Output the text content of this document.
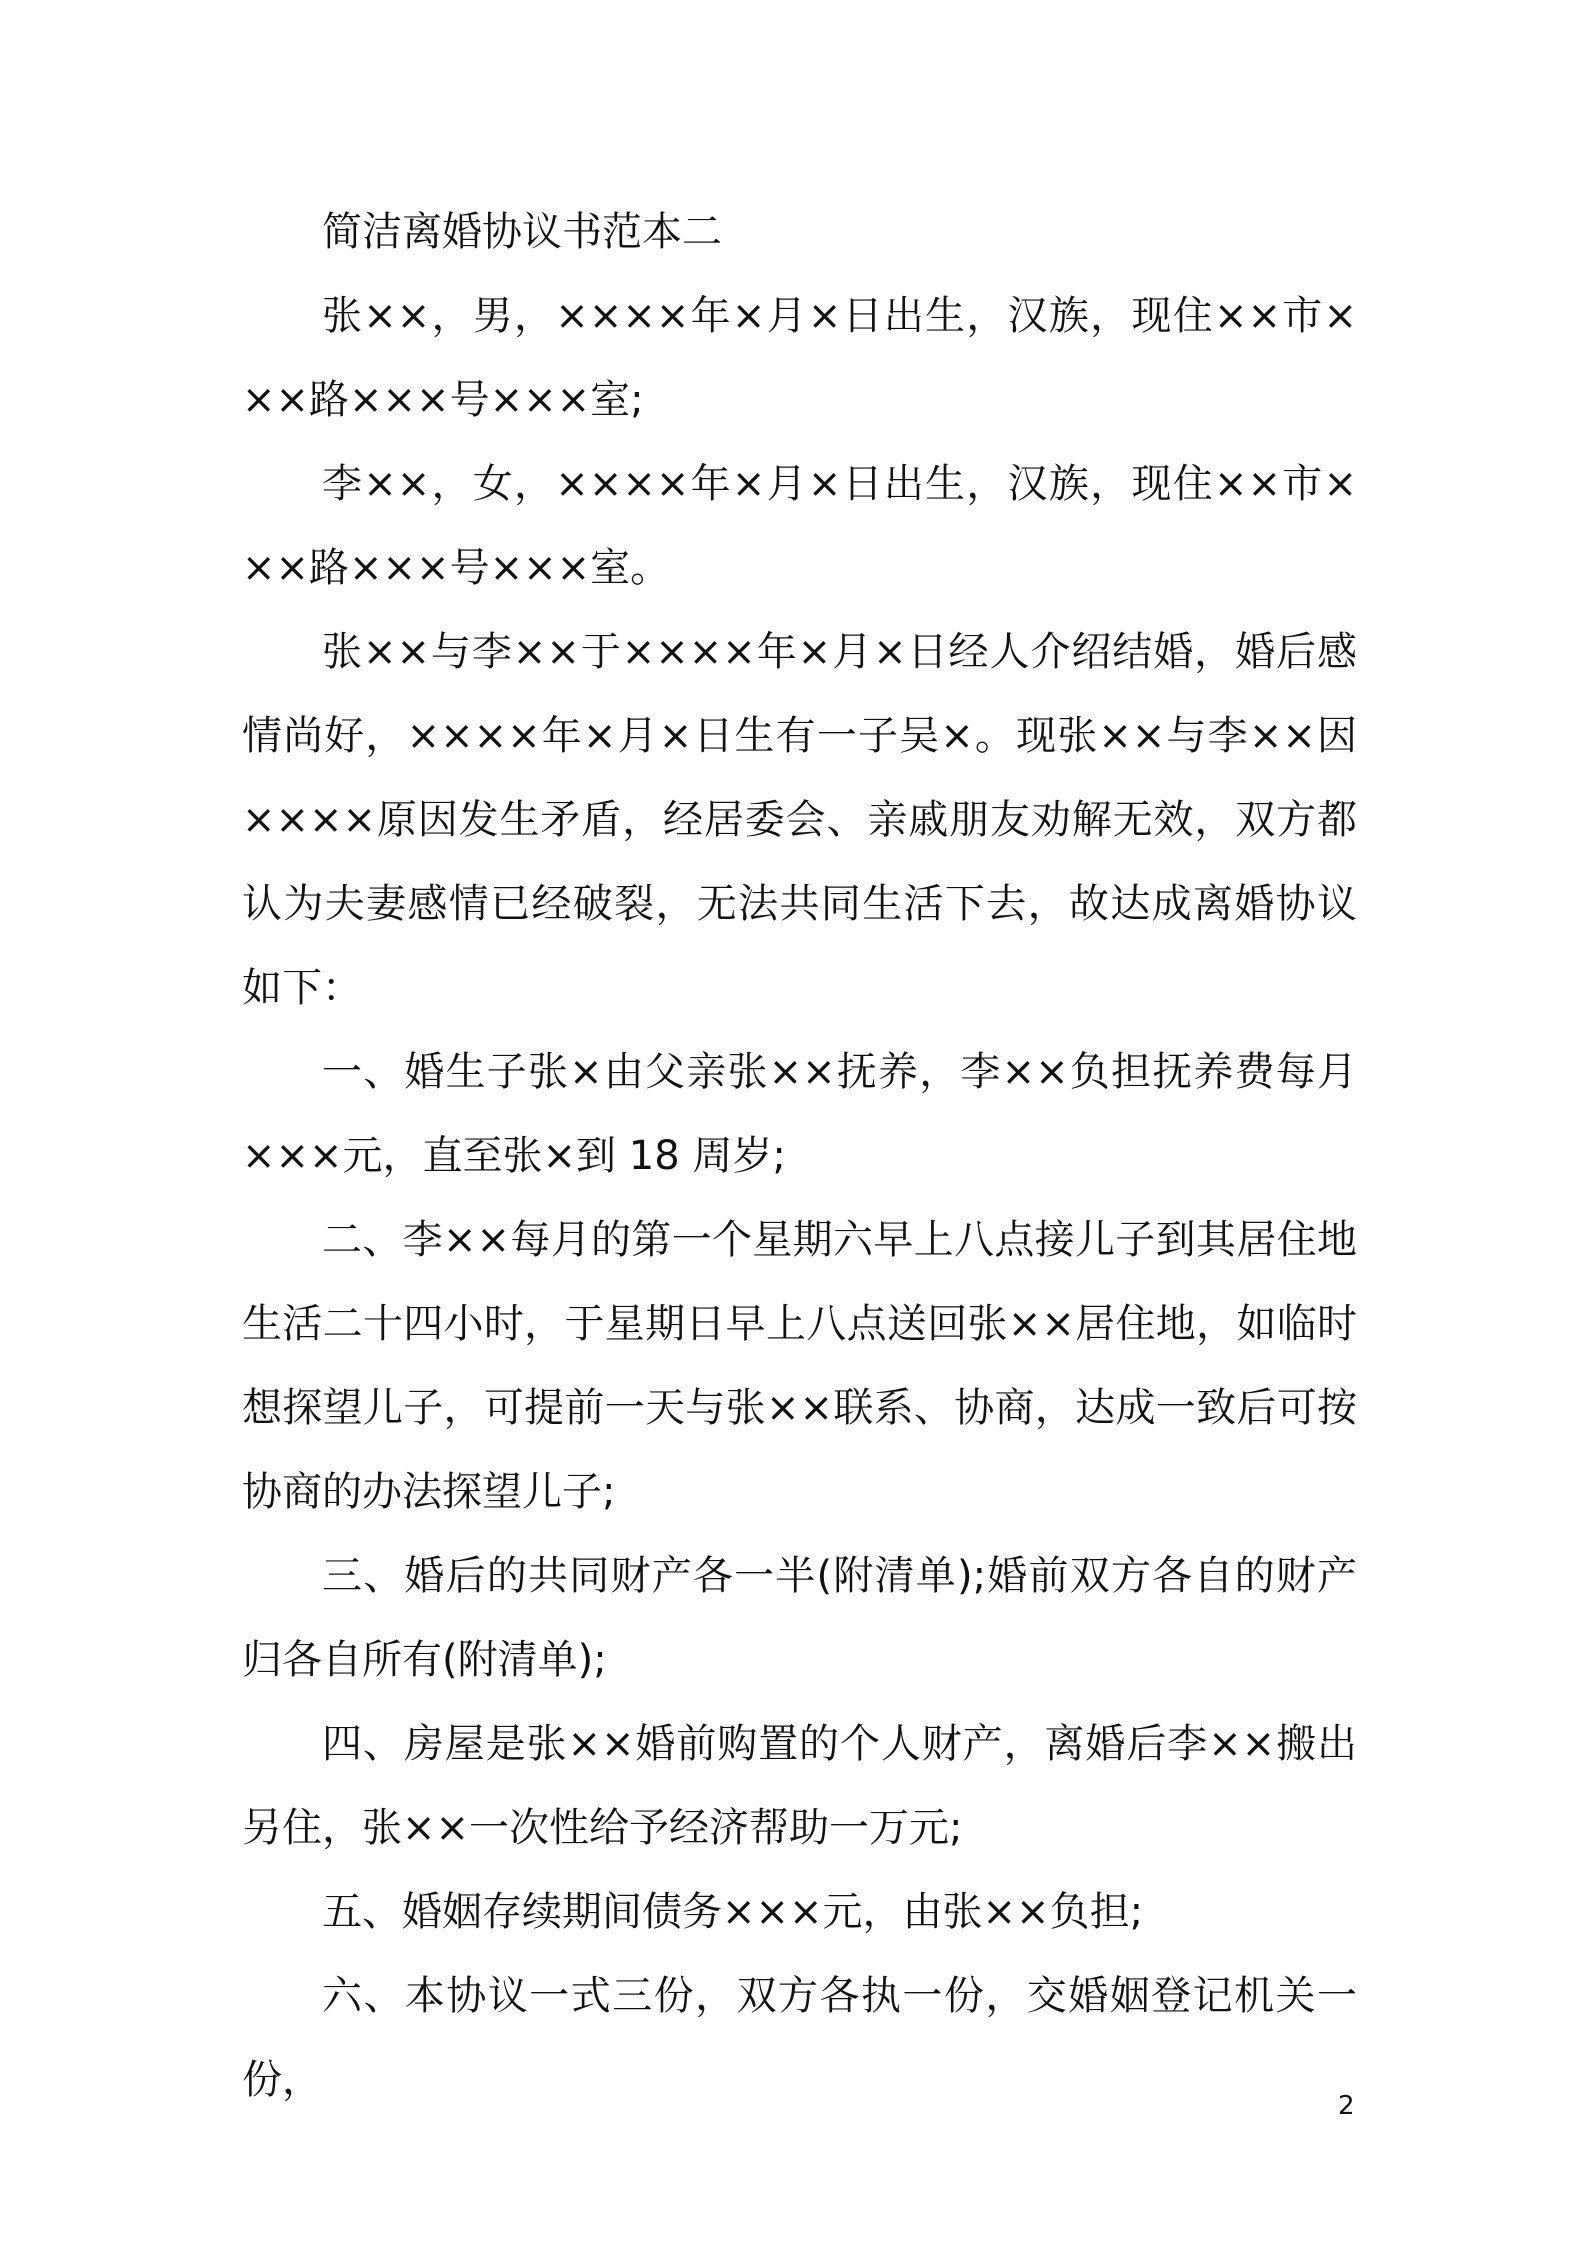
简洁离婚协议书范本二

张××，男，××××年×月×日出生，汉族，现住××市×××路×××号×××室;

李××，女，××××年×月×日出生，汉族，现住××市×××路×××号×××室。

张××与李××于××××年×月×日经人介绍结婚，婚后感情尚好，××××年×月×日生有一子吴×。现张××与李××因××××原因发生矛盾，经居委会、亲戚朋友劝解无效，双方都认为夫妻感情已经破裂，无法共同生活下去，故达成离婚协议如下：

一、婚生子张×由父亲张××抚养，李××负担抚养费每月×××元，直至张×到 18 周岁;

二、李××每月的第一个星期六早上八点接儿子到其居住地生活二十四小时，于星期日早上八点送回张××居住地，如临时想探望儿子，可提前一天与张××联系、协商，达成一致后可按协商的办法探望儿子;

三、婚后的共同财产各一半(附清单);婚前双方各自的财产归各自所有(附清单);

四、房屋是张××婚前购置的个人财产，离婚后李××搬出另住，张××一次性给予经济帮助一万元;

五、婚姻存续期间债务×××元，由张××负担;

六、本协议一式三份，双方各执一份，交婚姻登记机关一份，

2
